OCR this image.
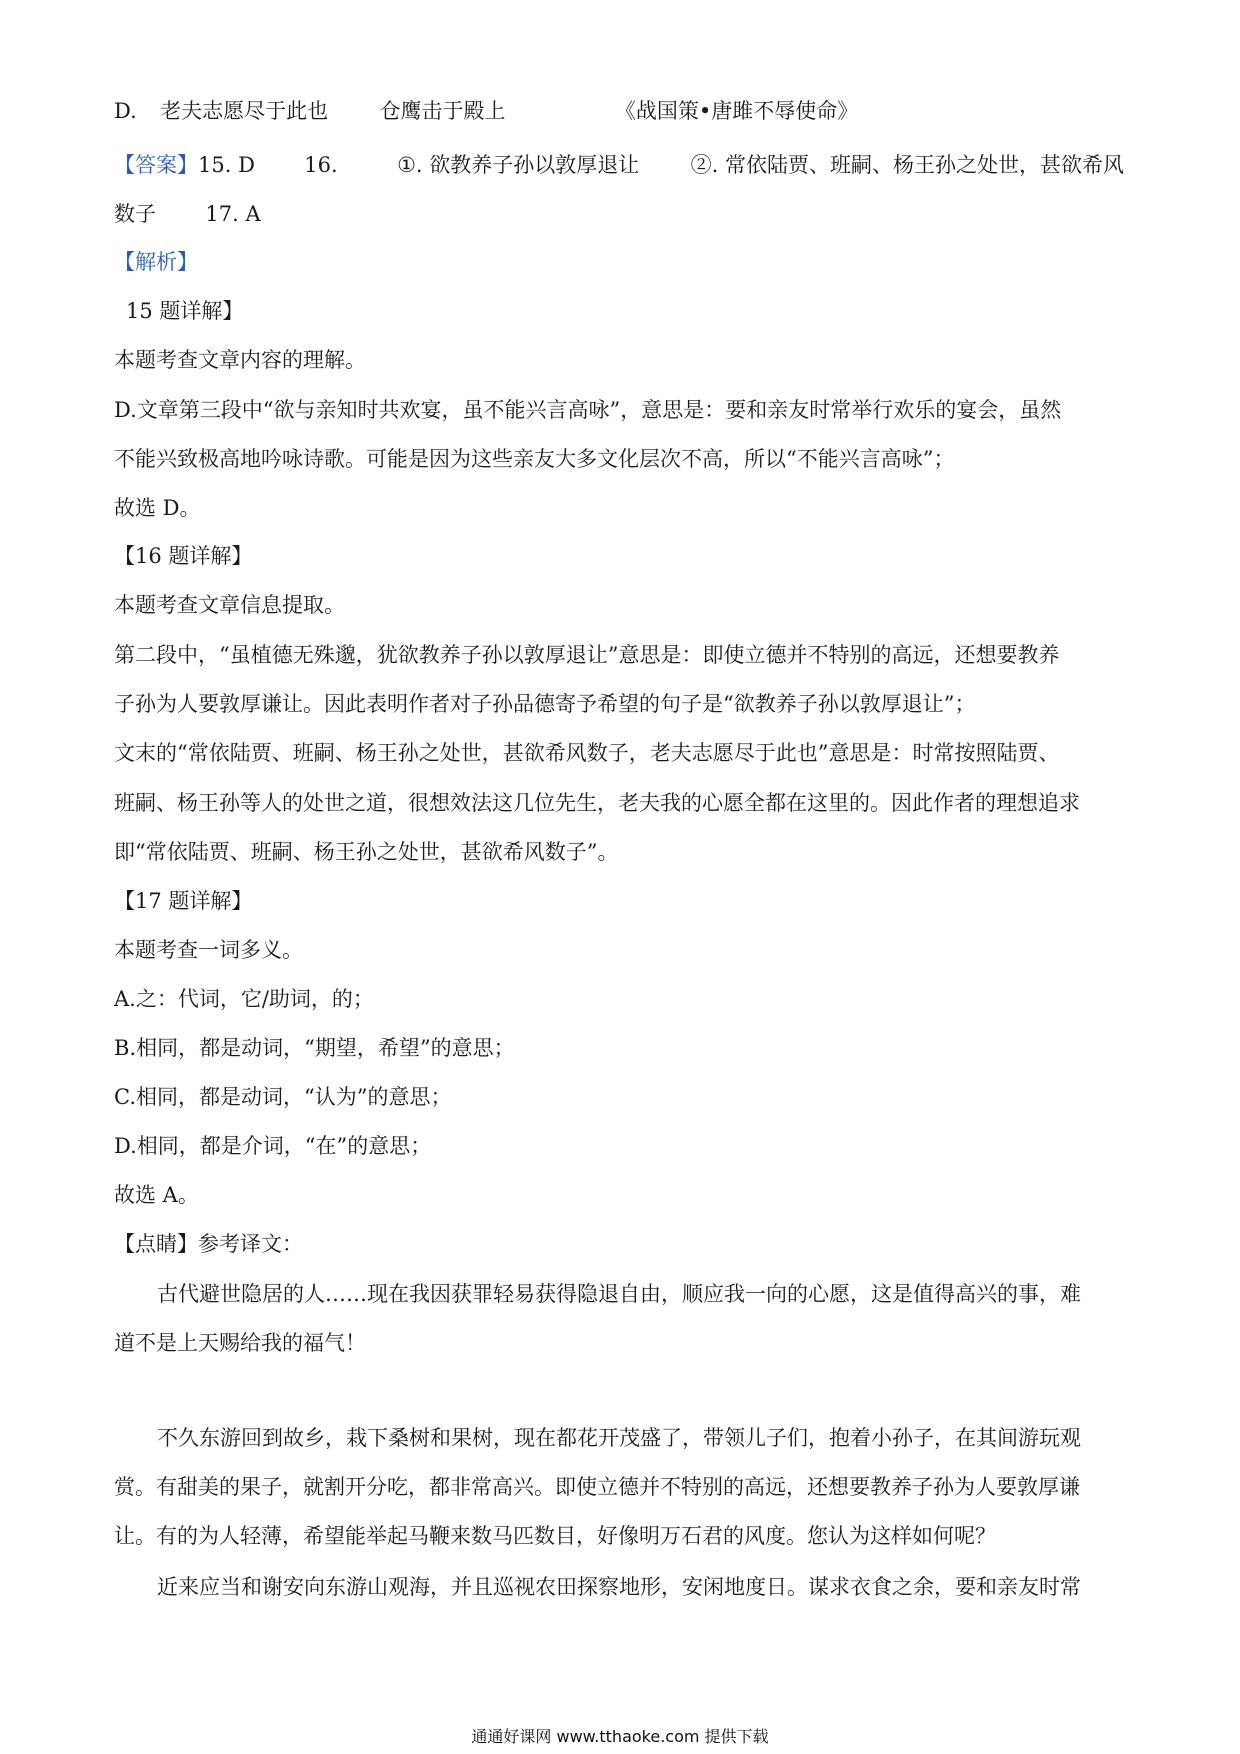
D. 老夫志愿尽于此也 仓鹰击于殿上	《战国策•唐雎不辱使命》
【答案】15. D 16.	①. 欲教养子孙以敦厚退让 ②. 常依陆贾、班嗣、杨王孙之处世，甚欲希风
数子 17. A
【解析】
15 题详解】
本题考查文章内容的理解。
D.文章第三段中“欲与亲知时共欢宴，虽不能兴言高咏”，意思是：要和亲友时常举行欢乐的宴会，虽然
不能兴致极高地吟咏诗歌。可能是因为这些亲友大多文化层次不高，所以“不能兴言高咏”；
故选 D。
【16 题详解】
本题考查文章信息提取。
第二段中，“虽植德无殊邈，犹欲教养子孙以敦厚退让”意思是：即使立德并不特别的高远，还想要教养
子孙为人要敦厚谦让。因此表明作者对子孙品德寄予希望的句子是“欲教养子孙以敦厚退让”；
文末的“常依陆贾、班嗣、杨王孙之处世，甚欲希风数子，老夫志愿尽于此也”意思是：时常按照陆贾、
班嗣、杨王孙等人的处世之道，很想效法这几位先生，老夫我的心愿全都在这里的。因此作者的理想追求
即“常依陆贾、班嗣、杨王孙之处世，甚欲希风数子”。
【17 题详解】
本题考查一词多义。
A.之：代词，它/助词，的；
B.相同，都是动词，“期望，希望”的意思；
C.相同，都是动词，“认为”的意思；
D.相同，都是介词，“在”的意思；
故选 A。
【点睛】参考译文：
古代避世隐居的人……现在我因获罪轻易获得隐退自由，顺应我一向的心愿，这是值得高兴的事，难
道不是上天赐给我的福气！
不久东游回到故乡，栽下桑树和果树，现在都花开茂盛了，带领儿子们，抱着小孙子，在其间游玩观
赏。有甜美的果子，就割开分吃，都非常高兴。即使立德并不特别的高远，还想要教养子孙为人要敦厚谦
让。有的为人轻薄，希望能举起马鞭来数马匹数目，好像明万石君的风度。您认为这样如何呢？
近来应当和谢安向东游山观海，并且巡视农田探察地形，安闲地度日。谋求衣食之余，要和亲友时常
通通好课网 www.tthaoke.com 提供下载
